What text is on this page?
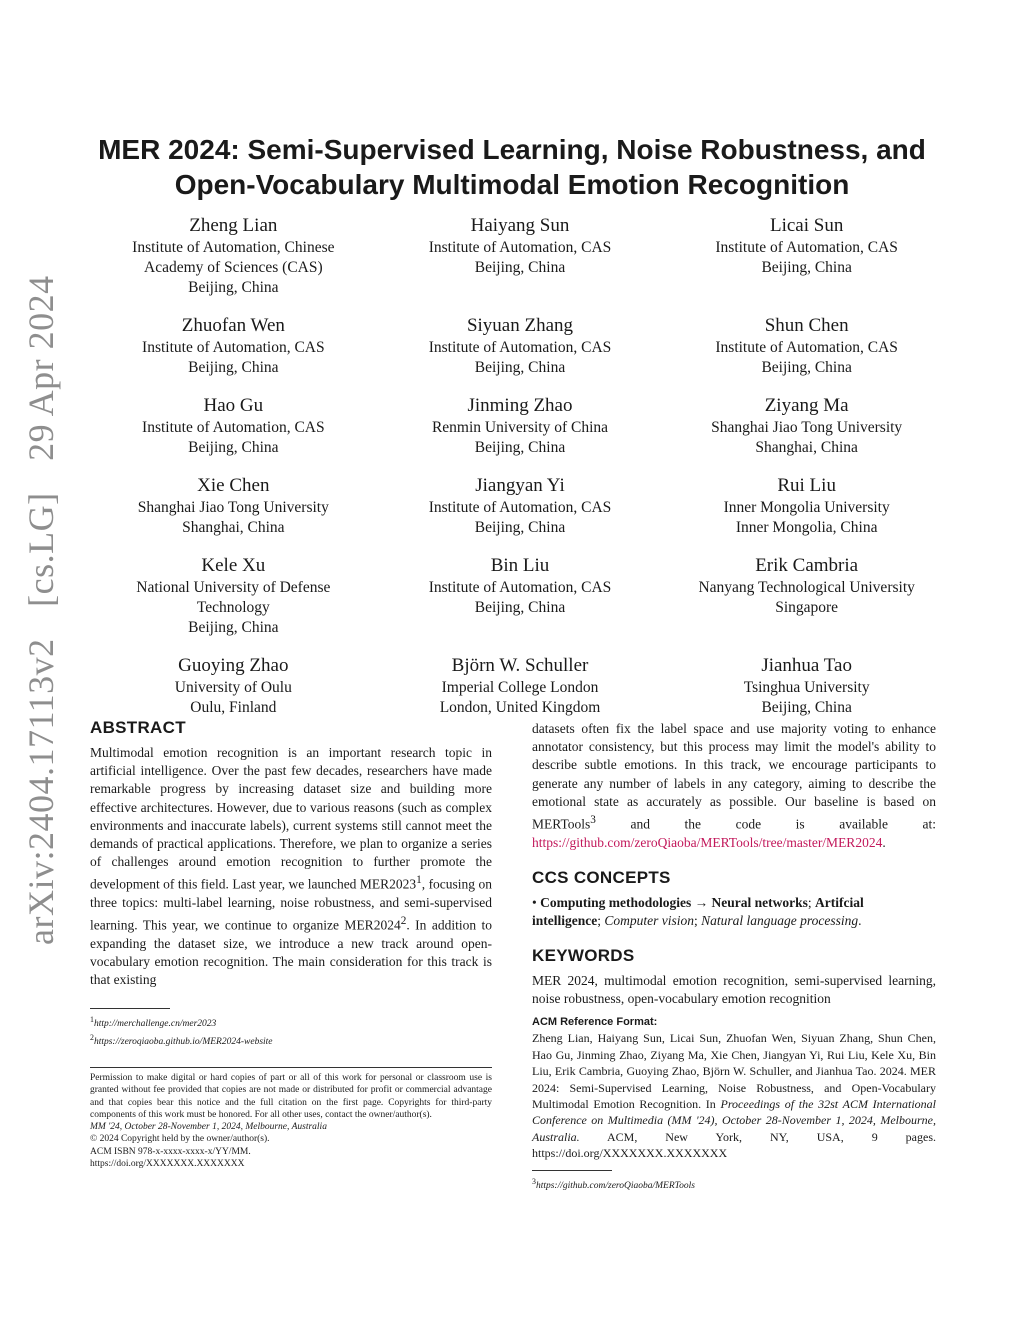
arXiv:2404.17113v2 [cs.LG] 29 Apr 2024
MER 2024: Semi-Supervised Learning, Noise Robustness, and
Open-Vocabulary Multimodal Emotion Recognition
Zheng Lian
Institute of Automation, Chinese
Academy of Sciences (CAS)
Beijing, China
Haiyang Sun
Institute of Automation, CAS
Beijing, China
Licai Sun
Institute of Automation, CAS
Beijing, China
Zhuofan Wen
Institute of Automation, CAS
Beijing, China
Siyuan Zhang
Institute of Automation, CAS
Beijing, China
Shun Chen
Institute of Automation, CAS
Beijing, China
Hao Gu
Institute of Automation, CAS
Beijing, China
Jinming Zhao
Renmin University of China
Beijing, China
Ziyang Ma
Shanghai Jiao Tong University
Shanghai, China
Xie Chen
Shanghai Jiao Tong University
Shanghai, China
Jiangyan Yi
Institute of Automation, CAS
Beijing, China
Rui Liu
Inner Mongolia University
Inner Mongolia, China
Kele Xu
National University of Defense
Technology
Beijing, China
Bin Liu
Institute of Automation, CAS
Beijing, China
Erik Cambria
Nanyang Technological University
Singapore
Guoying Zhao
University of Oulu
Oulu, Finland
Björn W. Schuller
Imperial College London
London, United Kingdom
Jianhua Tao
Tsinghua University
Beijing, China
ABSTRACT

Multimodal emotion recognition is an important research topic in artificial intelligence. Over the past few decades, researchers have made remarkable progress by increasing dataset size and building more effective architectures. However, due to various reasons (such as complex environments and inaccurate labels), current systems still cannot meet the demands of practical applications. Therefore, we plan to organize a series of challenges around emotion recognition to further promote the development of this field. Last year, we launched MER2023$^1$, focusing on three topics: multi-label learning, noise robustness, and semi-supervised learning. This year, we continue to organize MER2024$^2$. In addition to expanding the dataset size, we introduce a new track around open-vocabulary emotion recognition. The main consideration for this track is that existing

$^1$http://merchallenge.cn/mer2023
$^2$https://zeroqiaoba.github.io/MER2024-website

Permission to make digital or hard copies of part or all of this work for personal or classroom use is granted without fee provided that copies are not made or distributed for profit or commercial advantage and that copies bear this notice and the full citation on the first page. Copyrights for third-party components of this work must be honored. For all other uses, contact the owner/author(s).

MM '24, October 28-November 1, 2024, Melbourne, Australia
© 2024 Copyright held by the owner/author(s).
ACM ISBN 978-x-xxxx-xxxx-x/YY/MM.
https://doi.org/XXXXXXX.XXXXXXX

datasets often fix the label space and use majority voting to enhance annotator consistency, but this process may limit the model's ability to describe subtle emotions. In this track, we encourage participants to generate any number of labels in any category, aiming to describe the emotional state as accurately as possible. Our baseline is based on MERTools$^3$ and the code is available at: https://github.com/zeroQiaoba/MERTools/tree/master/MER2024.

CCS CONCEPTS

• Computing methodologies → Neural networks; Artifcial intelligence; Computer vision; Natural language processing.

KEYWORDS

MER 2024, multimodal emotion recognition, semi-supervised learning, noise robustness, open-vocabulary emotion recognition

ACM Reference Format:

Zheng Lian, Haiyang Sun, Licai Sun, Zhuofan Wen, Siyuan Zhang, Shun Chen, Hao Gu, Jinming Zhao, Ziyang Ma, Xie Chen, Jiangyan Yi, Rui Liu, Kele Xu, Bin Liu, Erik Cambria, Guoying Zhao, Björn W. Schuller, and Jianhua Tao. 2024. MER 2024: Semi-Supervised Learning, Noise Robustness, and Open-Vocabulary Multimodal Emotion Recognition. In Proceedings of the 32st ACM International Conference on Multimedia (MM '24), October 28-November 1, 2024, Melbourne, Australia. ACM, New York, NY, USA, 9 pages. https://doi.org/XXXXXXX.XXXXXXX

$^3$https://github.com/zeroQiaoba/MERTools
